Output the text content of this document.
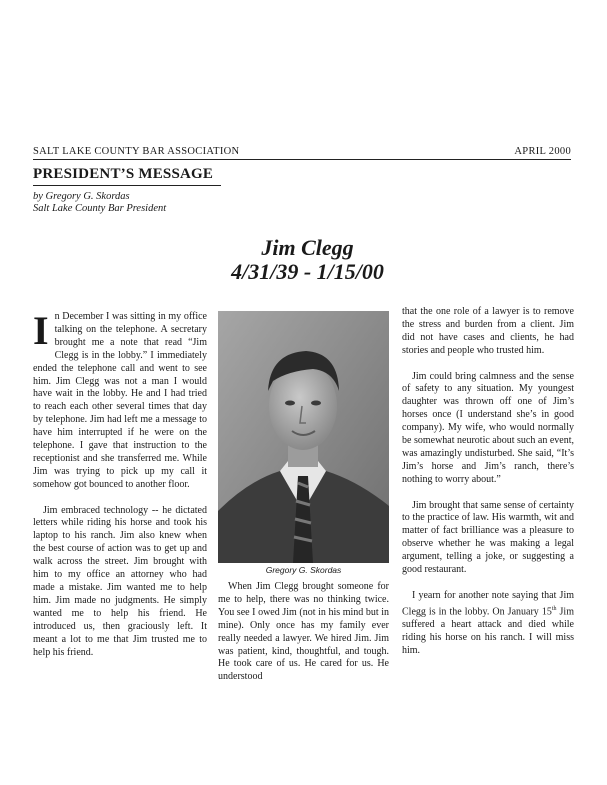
SALT LAKE COUNTY BAR ASSOCIATION	APRIL 2000
PRESIDENT’S MESSAGE
by Gregory G. Skordas
Salt Lake County Bar President
Jim Clegg
4/31/39 - 1/15/00

In December I was sitting in my office talking on the telephone. A secretary brought me a note that read “Jim Clegg is in the lobby.” I immediately ended the telephone call and went to see him. Jim Clegg was not a man I would have wait in the lobby. He and I had tried to reach each other several times that day by telephone. Jim had left me a message to have him interrupted if he were on the telephone. I gave that instruction to the receptionist and she transferred me. While Jim was trying to pick up my call it somehow got bounced to another floor.

Jim embraced technology -- he dictated letters while riding his horse and took his laptop to his ranch. Jim also knew when the best course of action was to get up and walk across the street. Jim brought with him to my office an attorney who had made a mistake. Jim wanted me to help him. Jim made no judgments. He simply wanted me to help his friend. He introduced us, then graciously left. It meant a lot to me that Jim trusted me to help his friend.

Gregory G. Skordas

When Jim Clegg brought someone for me to help, there was no thinking twice. You see I owed Jim (not in his mind but in mine). Only once has my family ever really needed a lawyer. We hired Jim. Jim was patient, kind, thoughtful, and tough. He took care of us. He cared for us. He understood

that the one role of a lawyer is to remove the stress and burden from a client. Jim did not have cases and clients, he had stories and people who trusted him.

Jim could bring calmness and the sense of safety to any situation. My youngest daughter was thrown off one of Jim’s horses once (I understand she’s in good company). My wife, who would normally be somewhat neurotic about such an event, was amazingly undisturbed. She said, “It’s Jim’s horse and Jim’s ranch, there’s nothing to worry about.”

Jim brought that same sense of certainty to the practice of law. His warmth, wit and matter of fact brilliance was a pleasure to observe whether he was making a legal argument, telling a joke, or suggesting a good restaurant.

I yearn for another note saying that Jim Clegg is in the lobby. On January 15th Jim suffered a heart attack and died while riding his horse on his ranch. I will miss him.
